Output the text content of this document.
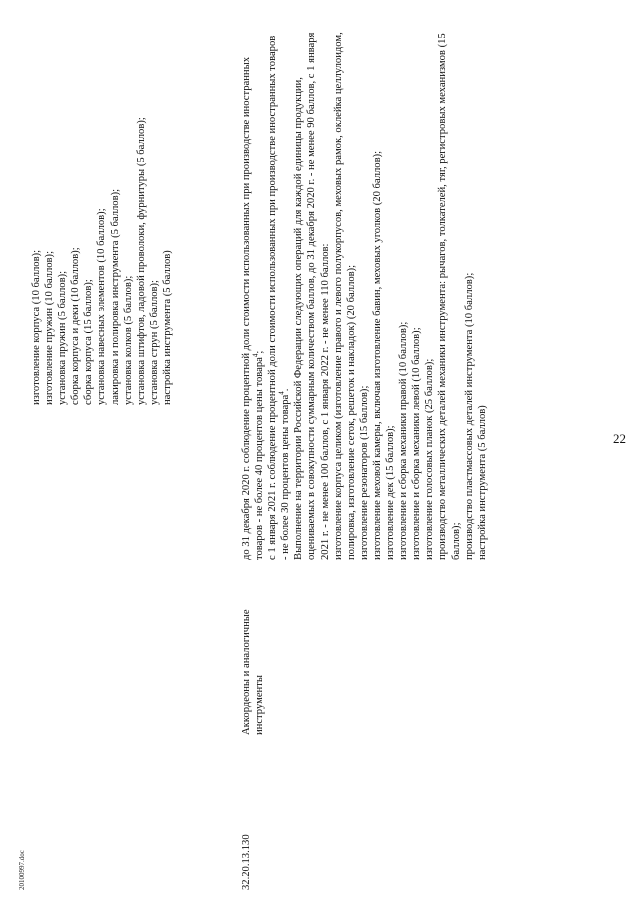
22
изготовление корпуса (10 баллов); изготовление пружин (10 баллов); установка пружин (5 баллов); сборка корпуса и деки (10 баллов); сборка корпуса (15 баллов); установка навесных элементов (10 баллов); лакировка и полировка инструмента (5 баллов); установка колков (5 баллов); установка штифтов, ладовой проволоки, фурнитуры (5 баллов); установка струн (5 баллов); настройка инструмента (5 баллов)
32.20.13.130
Аккордеоны и аналогичные инструменты
до 31 декабря 2020 г. соблюдение процентной доли стоимости использованных при производстве иностранных товаров - не более 40 процентов цены товара$^4$; с 1 января 2021 г. соблюдение процентной доли стоимости использованных при производстве иностранных товаров - не более 30 процентов цены товара$^4$. Выполнение на территории Российской Федерации следующих операций для каждой единицы продукции, оцениваемых в совокупности суммарным количеством баллов, до 31 декабря 2020 г. - не менее 90 баллов, с 1 января 2021 г. - не менее 100 баллов, с 1 января 2022 г. - не менее 110 баллов: изготовление корпуса целиком (изготовление правого и левого полукорпусов, меховых рамок, оклейка целлулоидом, полировка, изготовление сеток, решеток и накладок) (20 баллов); изготовление резонаторов (15 баллов); изготовление меховой камеры, включая изготовление бавин, меховых уголков (20 баллов); изготовление дек (15 баллов); изготовление и сборка механики правой (10 баллов); изготовление и сборка механики левой (10 баллов); изготовление голосовых планок (25 баллов); производство металлических деталей механики инструмента: рычагов, толкателей, тяг, регистровых механизмов (15 баллов); производство пластмассовых деталей инструмента (10 баллов); настройка инструмента (5 баллов)
20100997.doc
